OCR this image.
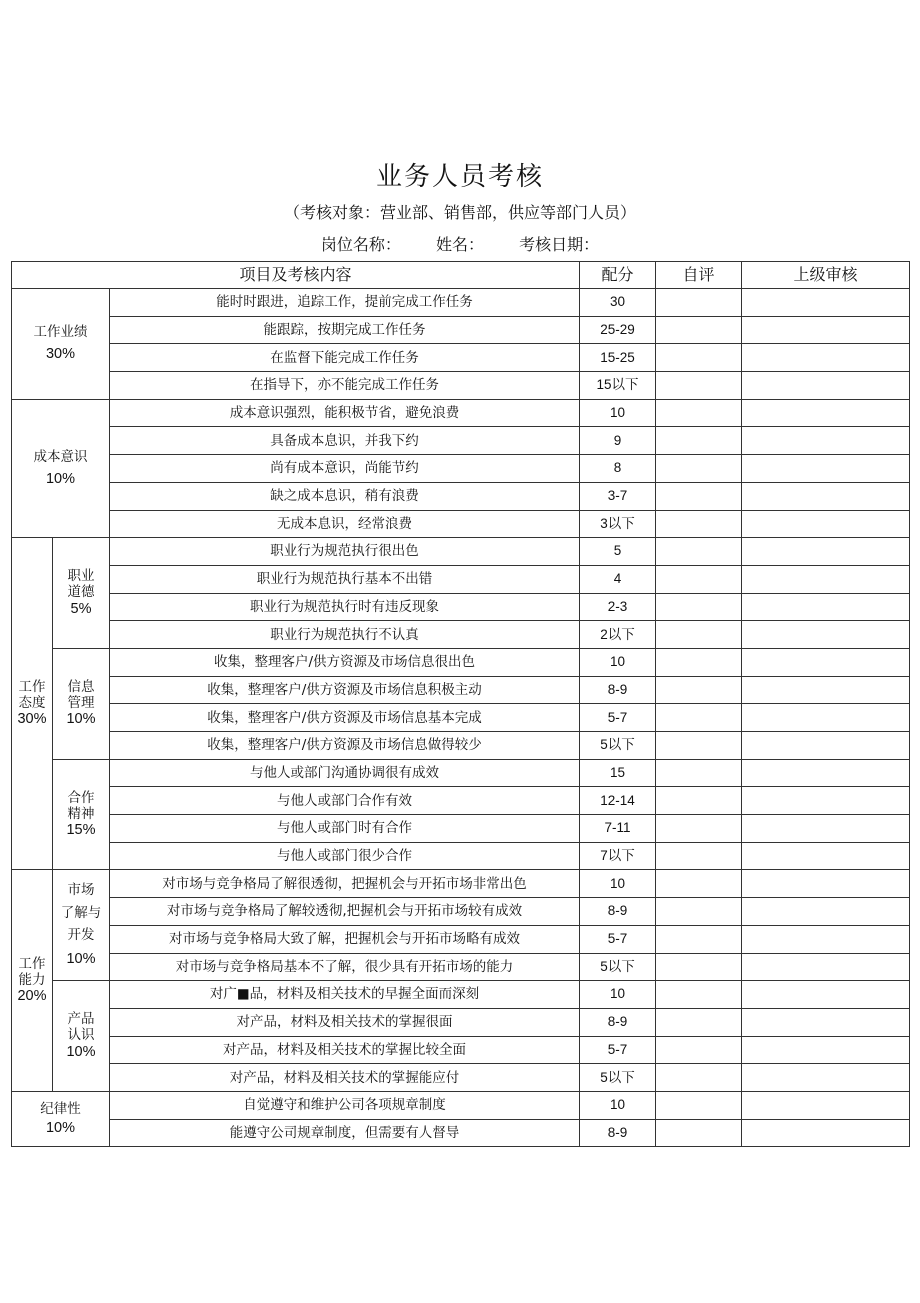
业务人员考核
（考核对象：营业部、销售部，供应等部门人员）
岗位名称： 姓名： 考核日期：
项目及考核内容			配分	自评	上级审核
工作业绩
30%		能时时跟进，追踪工作，提前完成工作任务	30		
		能跟踪，按期完成工作任务	25-29		
		在监督下能完成工作任务	15-25		
		在指导下，亦不能完成工作任务	15以下		
成本意识
10%		成本意识强烈，能积极节省，避免浪费	10		
		具备成本息识，并我下约	9		
		尚有成本意识，尚能节约	8		
		缺之成本息识，稍有浪费	3-7		
		无成本息识，经常浪费	3以下		
工作
态度
30%	职业
道德
5%	职业行为规范执行很出色	5		
		职业行为规范执行基本不出错	4		
		职业行为规范执行时有违反现象	2-3		
		职业行为规范执行不认真	2以下		
	信息
管理
10%	收集，整理客户/供方资源及市场信息很出色	10		
		收集，整理客户/供方资源及市场信息积极主动	8-9		
		收集，整理客户/供方资源及市场信息基本完成	5-7		
		收集，整理客户/供方资源及市场信息做得较少	5以下		
	合作
精神
15%	与他人或部门沟通协调很有成效	15		
		与他人或部门合作有效	12-14		
		与他人或部门时有合作	7-11		
		与他人或部门很少合作	7以下		
工作
能力
20%	市场
了解与
开发
10%	对市场与竞争格局了解很透彻，把握机会与开拓市场非常出色	10		
		对市场与竞争格局了解较透彻,把握机会与开拓市场较有成效	8-9		
		对市场与竞争格局大致了解，把握机会与开拓市场略有成效	5-7		
		对市场与竞争格局基本不了解，很少具有开拓市场的能力	5以下		
	产品
认识
10%	对广■品，材料及相关技术的早握全面而深刻	10		
		对产品，材料及相关技术的掌握很面	8-9		
		对产品，材料及相关技术的掌握比较全面	5-7		
		对产品，材料及相关技术的掌握能应付	5以下		
纪律性
10%		自觉遵守和维护公司各项规章制度	10		
		能遵守公司规章制度，但需要有人督导	8-9		
